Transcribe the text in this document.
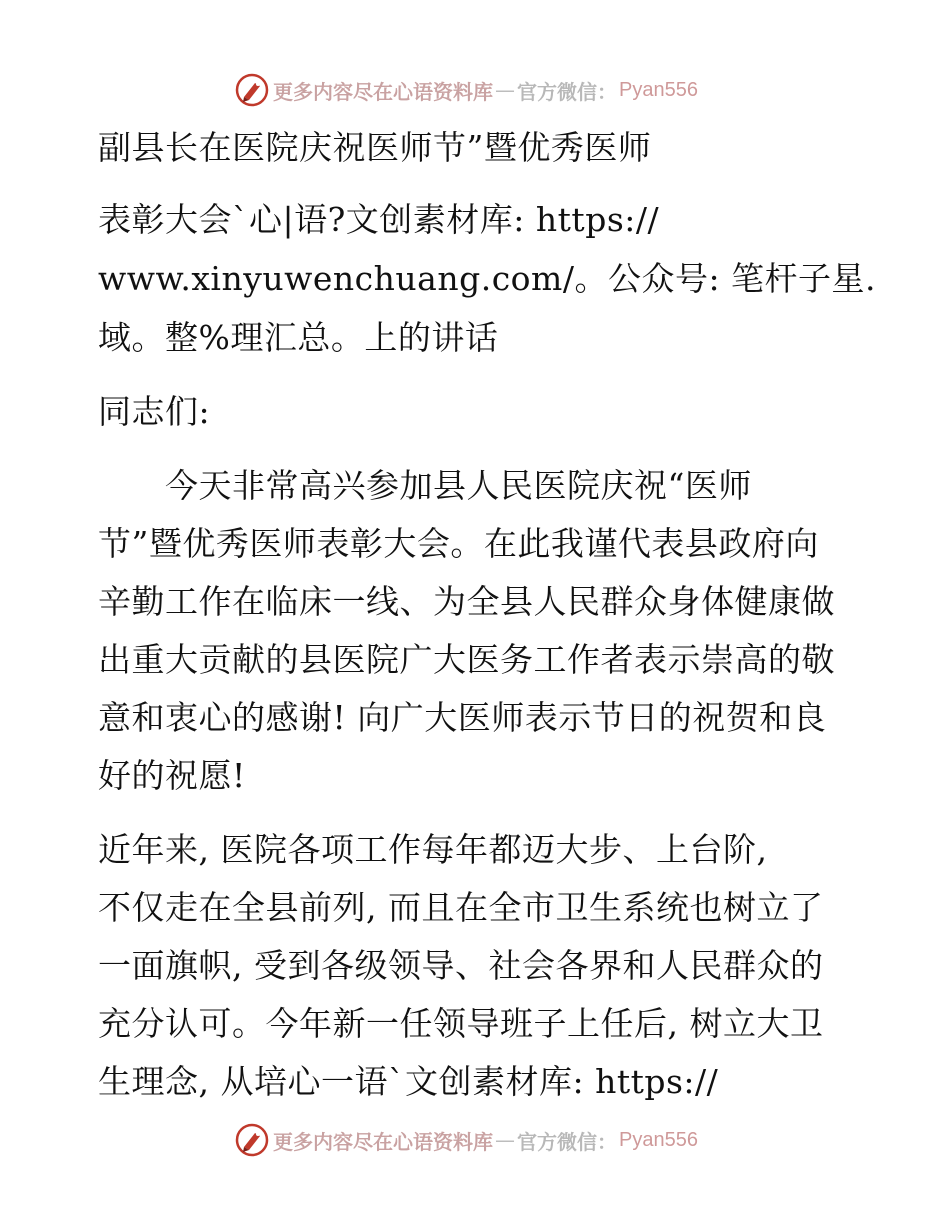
更多内容尽在心语资料库 — 官方微信： Pyan556
副县长在医院庆祝医师节”暨优秀医师
表彰大会`心|语?文创素材库: https://
www.xinyuwenchuang.com/。公众号: 笔杆子星.
域。整%理汇总。上的讲话
同志们:
　　今天非常高兴参加县人民医院庆祝“医师
节”暨优秀医师表彰大会。在此我谨代表县政府向
辛勤工作在临床一线、为全县人民群众身体健康做
出重大贡献的县医院广大医务工作者表示崇高的敬
意和衷心的感谢! 向广大医师表示节日的祝贺和良
好的祝愿!
近年来, 医院各项工作每年都迈大步、上台阶,
不仅走在全县前列, 而且在全市卫生系统也树立了
一面旗帜, 受到各级领导、社会各界和人民群众的
充分认可。今年新一任领导班子上任后, 树立大卫
生理念, 从培心一语`文创素材库: https://
更多内容尽在心语资料库 — 官方微信： Pyan556
